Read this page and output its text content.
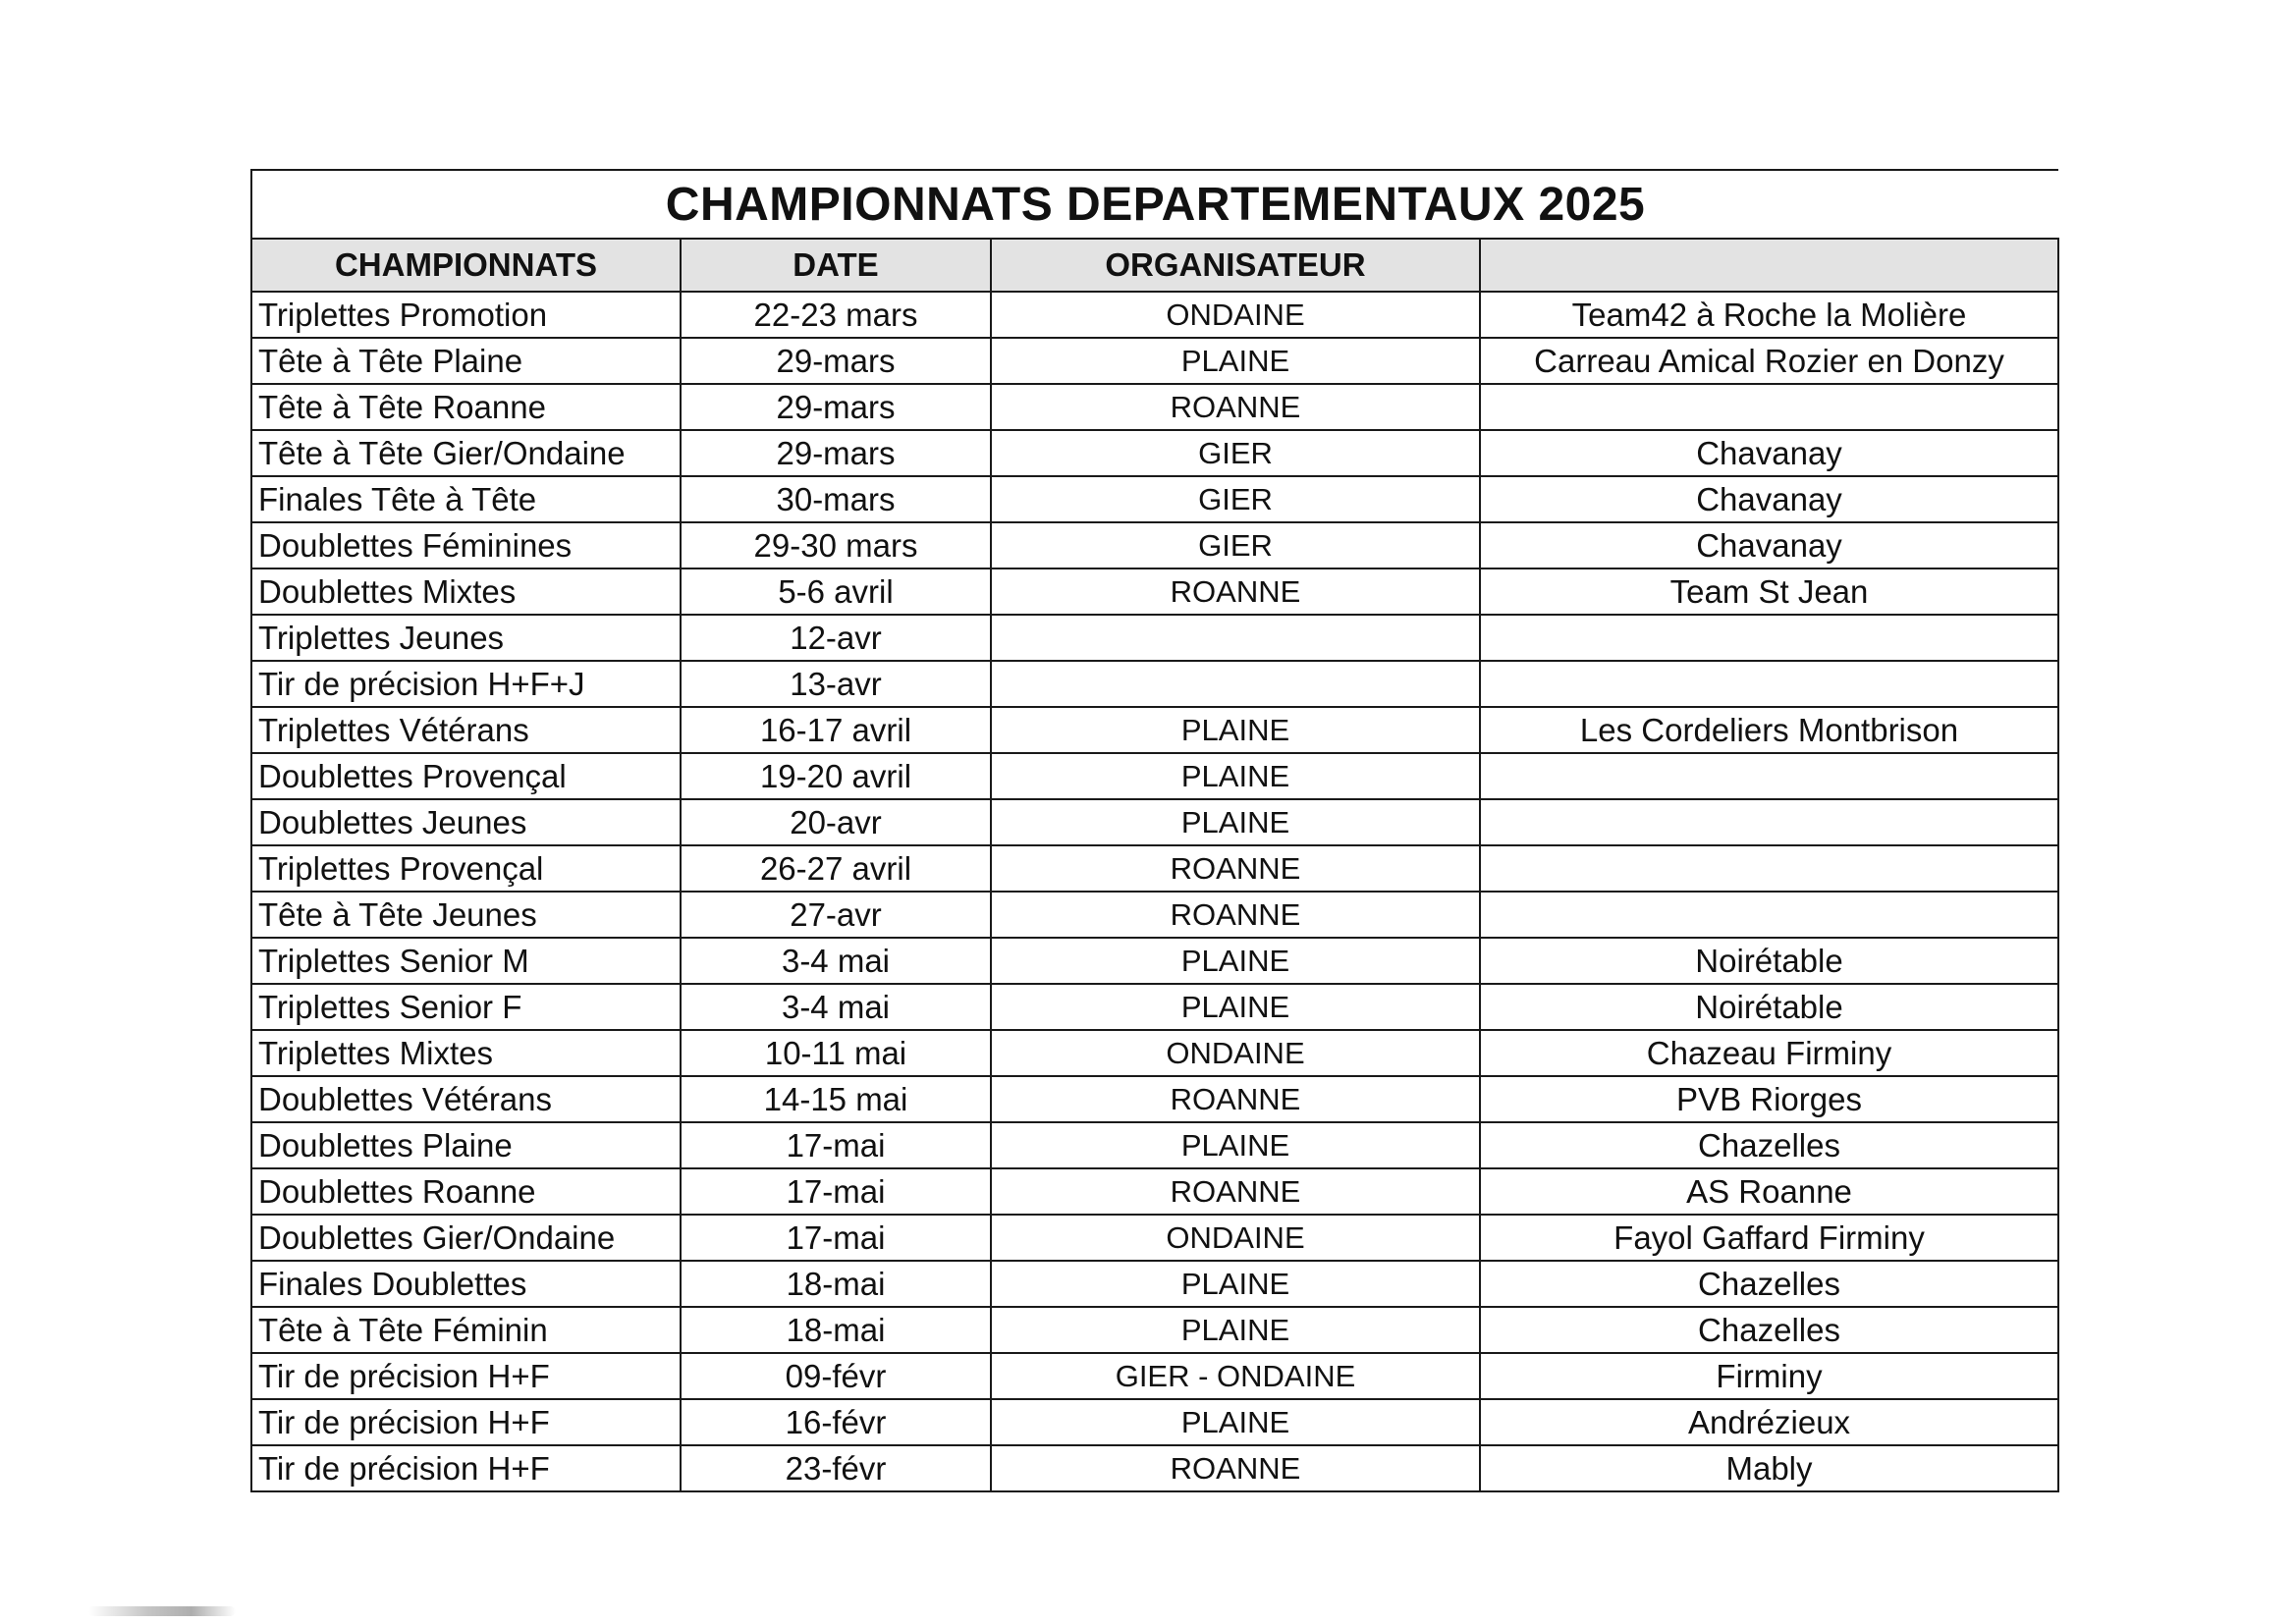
CHAMPIONNATS DEPARTEMENTAUX 2025			
CHAMPIONNATS	DATE	ORGANISATEUR	
Triplettes Promotion	22-23 mars	ONDAINE	Team42 à Roche la Molière
Tête à Tête Plaine	29-mars	PLAINE	Carreau Amical Rozier en Donzy
Tête à Tête Roanne	29-mars	ROANNE	
Tête à Tête Gier/Ondaine	29-mars	GIER	Chavanay
Finales Tête à Tête	30-mars	GIER	Chavanay
Doublettes Féminines	29-30 mars	GIER	Chavanay
Doublettes Mixtes	5-6 avril	ROANNE	Team St Jean
Triplettes Jeunes	12-avr		
Tir de précision H+F+J	13-avr		
Triplettes Vétérans	16-17 avril	PLAINE	Les Cordeliers Montbrison
Doublettes Provençal	19-20 avril	PLAINE	
Doublettes Jeunes	20-avr	PLAINE	
Triplettes Provençal	26-27 avril	ROANNE	
Tête à Tête Jeunes	27-avr	ROANNE	
Triplettes Senior M	3-4 mai	PLAINE	Noirétable
Triplettes Senior F	3-4 mai	PLAINE	Noirétable
Triplettes Mixtes	10-11 mai	ONDAINE	Chazeau Firminy
Doublettes Vétérans	14-15 mai	ROANNE	PVB Riorges
Doublettes Plaine	17-mai	PLAINE	Chazelles
Doublettes Roanne	17-mai	ROANNE	AS Roanne
Doublettes Gier/Ondaine	17-mai	ONDAINE	Fayol Gaffard Firminy
Finales Doublettes	18-mai	PLAINE	Chazelles
Tête à Tête Féminin	18-mai	PLAINE	Chazelles
Tir de précision H+F	09-févr	GIER - ONDAINE	Firminy
Tir de précision H+F	16-févr	PLAINE	Andrézieux
Tir de précision H+F	23-févr	ROANNE	Mably
